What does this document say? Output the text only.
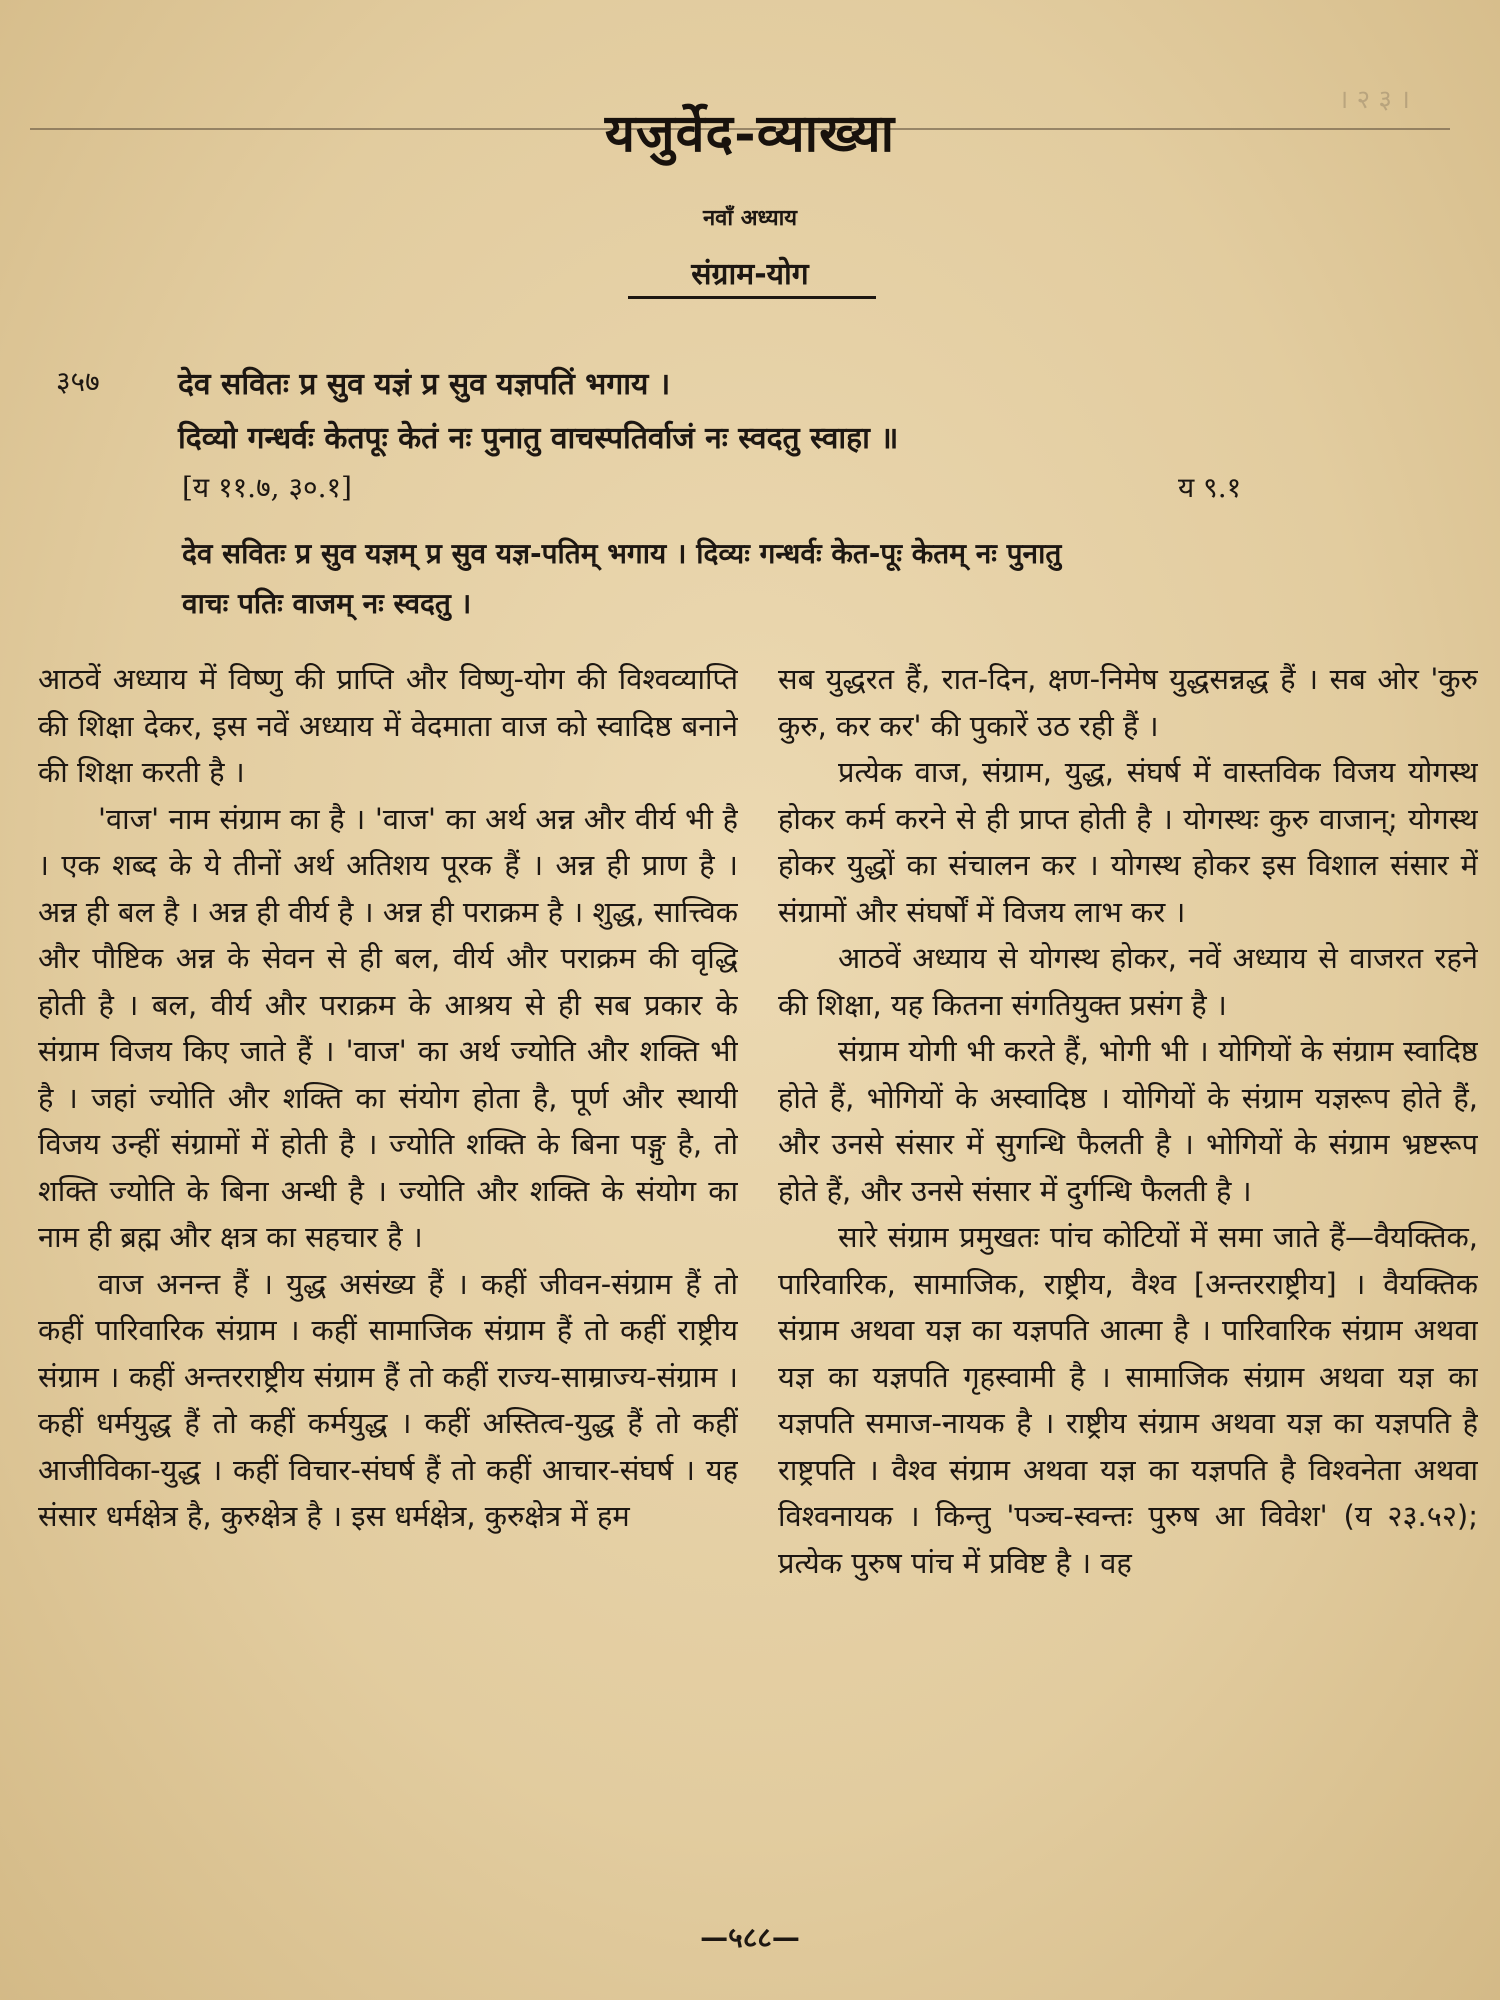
। २ ३ ।
यजुर्वेद-व्याख्या
नवाँ अध्याय
संग्राम-योग
३५७	देव सवितः प्र सुव यज्ञं प्र सुव यज्ञपतिं भगाय ।
दिव्यो गन्धर्वः केतपूः केतं नः पुनातु वाचस्पतिर्वाजं नः स्वदतु स्वाहा ॥
[य ११.७, ३०.१]	य ९.१
देव सवितः प्र सुव यज्ञम् प्र सुव यज्ञ-पतिम् भगाय । दिव्यः गन्धर्वः केत-पूः केतम् नः पुनातु
वाचः पतिः वाजम् नः स्वदतु ।

आठवें अध्याय में विष्णु की प्राप्ति और विष्णु-योग की विश्वव्याप्ति की शिक्षा देकर, इस नवें अध्याय में वेदमाता वाज को स्वादिष्ठ बनाने की शिक्षा करती है ।

'वाज' नाम संग्राम का है । 'वाज' का अर्थ अन्न और वीर्य भी है । एक शब्द के ये तीनों अर्थ अतिशय पूरक हैं । अन्न ही प्राण है । अन्न ही बल है । अन्न ही वीर्य है । अन्न ही पराक्रम है । शुद्ध, सात्त्विक और पौष्टिक अन्न के सेवन से ही बल, वीर्य और पराक्रम की वृद्धि होती है । बल, वीर्य और पराक्रम के आश्रय से ही सब प्रकार के संग्राम विजय किए जाते हैं । 'वाज' का अर्थ ज्योति और शक्ति भी है । जहां ज्योति और शक्ति का संयोग होता है, पूर्ण और स्थायी विजय उन्हीं संग्रामों में होती है । ज्योति शक्ति के बिना पङ्गु है, तो शक्ति ज्योति के बिना अन्धी है । ज्योति और शक्ति के संयोग का नाम ही ब्रह्म और क्षत्र का सहचार है ।

वाज अनन्त हैं । युद्ध असंख्य हैं । कहीं जीवन-संग्राम हैं तो कहीं पारिवारिक संग्राम । कहीं सामाजिक संग्राम हैं तो कहीं राष्ट्रीय संग्राम । कहीं अन्तरराष्ट्रीय संग्राम हैं तो कहीं राज्य-साम्राज्य-संग्राम । कहीं धर्मयुद्ध हैं तो कहीं कर्मयुद्ध । कहीं अस्तित्व-युद्ध हैं तो कहीं आजीविका-युद्ध । कहीं विचार-संघर्ष हैं तो कहीं आचार-संघर्ष । यह संसार धर्मक्षेत्र है, कुरुक्षेत्र है । इस धर्मक्षेत्र, कुरुक्षेत्र में हम

सब युद्धरत हैं, रात-दिन, क्षण-निमेष युद्धसन्नद्ध हैं । सब ओर 'कुरु कुरु, कर कर' की पुकारें उठ रही हैं ।

प्रत्येक वाज, संग्राम, युद्ध, संघर्ष में वास्तविक विजय योगस्थ होकर कर्म करने से ही प्राप्त होती है । योगस्थः कुरु वाजान्; योगस्थ होकर युद्धों का संचालन कर । योगस्थ होकर इस विशाल संसार में संग्रामों और संघर्षों में विजय लाभ कर ।

आठवें अध्याय से योगस्थ होकर, नवें अध्याय से वाजरत रहने की शिक्षा, यह कितना संगतियुक्त प्रसंग है ।

संग्राम योगी भी करते हैं, भोगी भी । योगियों के संग्राम स्वादिष्ठ होते हैं, भोगियों के अस्वादिष्ठ । योगियों के संग्राम यज्ञरूप होते हैं, और उनसे संसार में सुगन्धि फैलती है । भोगियों के संग्राम भ्रष्टरूप होते हैं, और उनसे संसार में दुर्गन्धि फैलती है ।

सारे संग्राम प्रमुखतः पांच कोटियों में समा जाते हैं—वैयक्तिक, पारिवारिक, सामाजिक, राष्ट्रीय, वैश्व [अन्तरराष्ट्रीय] । वैयक्तिक संग्राम अथवा यज्ञ का यज्ञपति आत्मा है । पारिवारिक संग्राम अथवा यज्ञ का यज्ञपति गृहस्वामी है । सामाजिक संग्राम अथवा यज्ञ का यज्ञपति समाज-नायक है । राष्ट्रीय संग्राम अथवा यज्ञ का यज्ञपति है राष्ट्रपति । वैश्व संग्राम अथवा यज्ञ का यज्ञपति है विश्वनेता अथवा विश्वनायक । किन्तु 'पञ्च-स्वन्तः पुरुष आ विवेश' (य २३.५२); प्रत्येक पुरुष पांच में प्रविष्ट है । वह

—५८८—
